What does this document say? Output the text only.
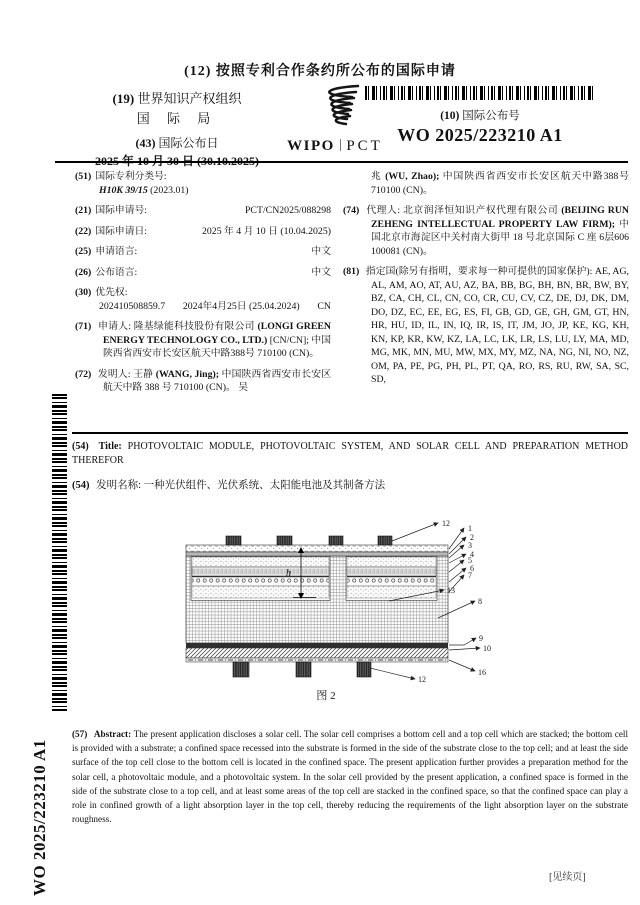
(12) 按照专利合作条约所公布的国际申请
(19) 世界知识产权组织
国 际 局
(43) 国际公布日
2025 年 10 月 30 日 (30.10.2025)
WIPO PCT
(10) 国际公布号
WO 2025/223210 A1
(51) 国际专利分类号:
H10K 39/15 (2023.01)
(21) 国际申请号:	PCT/CN2025/088298
(22) 国际申请日:	2025 年 4 月 10 日 (10.04.2025)
(25) 申请语言:	中文
(26) 公布语言:	中文
(30) 优先权:
202410508859.7 2024年4月25日 (25.04.2024) CN

(71) 申请人: 隆基绿能科技股份有限公司 (LONGI GREEN ENERGY TECHNOLOGY CO., LTD.) [CN/CN]; 中国陕西省西安市长安区航天中路388号 710100 (CN)。

(72) 发明人: 王静 (WANG, Jing); 中国陕西省西安市长安区航天中路 388 号 710100 (CN)。 吴

兆 (WU, Zhao); 中国陕西省西安市长安区航天中路388号 710100 (CN)。

(74) 代理人: 北京润泽恒知识产权代理有限公司 (BEIJING RUN ZEHENG INTELLECTUAL PROPERTY LAW FIRM); 中国北京市海淀区中关村南大街甲 18 号北京国际 C 座 6层606 100081 (CN)。

(81) 指定国(除另有指明，要求每一种可提供的国家保护): AE, AG, AL, AM, AO, AT, AU, AZ, BA, BB, BG, BH, BN, BR, BW, BY, BZ, CA, CH, CL, CN, CO, CR, CU, CV, CZ, DE, DJ, DK, DM, DO, DZ, EC, EE, EG, ES, FI, GB, GD, GE, GH, GM, GT, HN, HR, HU, ID, IL, IN, IQ, IR, IS, IT, JM, JO, JP, KE, KG, KH, KN, KP, KR, KW, KZ, LA, LC, LK, LR, LS, LU, LY, MA, MD, MG, MK, MN, MU, MW, MX, MY, MZ, NA, NG, NI, NO, NZ, OM, PA, PE, PG, PH, PL, PT, QA, RO, RS, RU, RW, SA, SC, SD,

(54) Title: PHOTOVOLTAIC MODULE, PHOTOVOLTAIC SYSTEM, AND SOLAR CELL AND PREPARATION METHOD THEREFOR
(54) 发明名称: 一种光伏组件、光伏系统、太阳能电池及其制备方法
h
12
1
2
3
4
5
6
7
13
8
9
10
16
12
图 2
(57) Abstract: The present application discloses a solar cell. The solar cell comprises a bottom cell and a top cell which are stacked; the bottom cell is provided with a substrate; a confined space recessed into the substrate is formed in the side of the substrate close to the top cell; and at least the side surface of the top cell close to the bottom cell is located in the confined space. The present application further provides a preparation method for the solar cell, a photovoltaic module, and a photovoltaic system. In the solar cell provided by the present application, a confined space is formed in the side of the substrate close to a top cell, and at least some areas of the top cell are stacked in the confined space, so that the confined space can play a role in confined growth of a light absorption layer in the top cell, thereby reducing the requirements of the light absorption layer on the substrate roughness.
[见续页]
WO 2025/223210 A1
